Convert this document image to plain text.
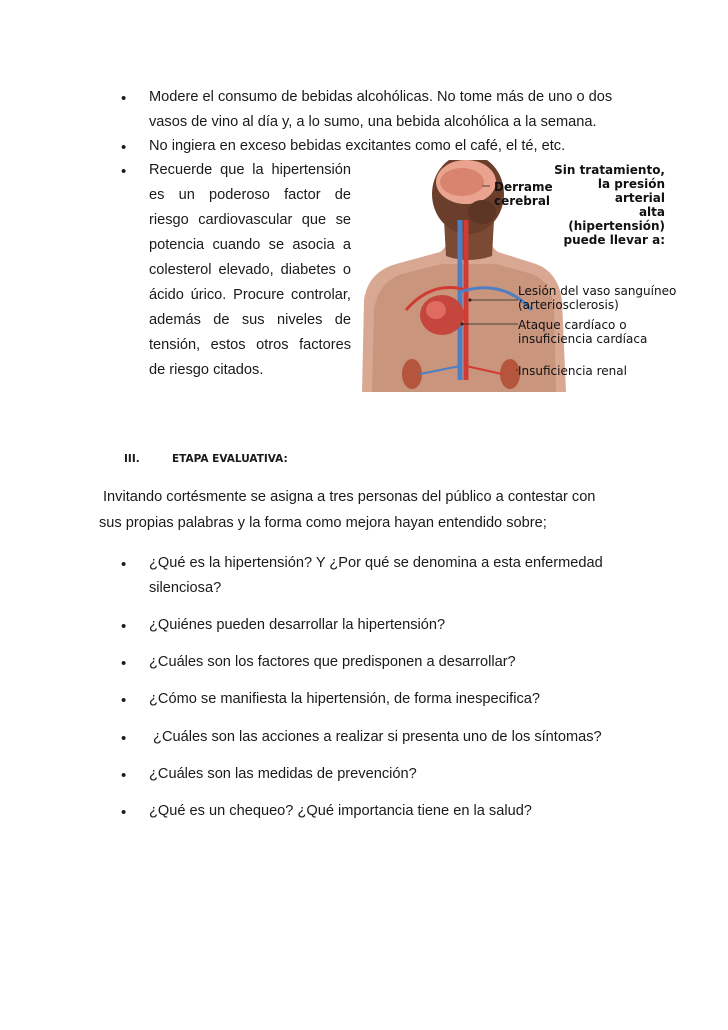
• Modere el consumo de bebidas alcohólicas. No tome más de uno o dos
vasos de vino al día y, a lo sumo, una bebida alcohólica a la semana.
• No ingiera en exceso bebidas excitantes como el café, el té, etc.
• Recuerde que la hipertensión
es un poderoso factor de
riesgo cardiovascular que se
potencia cuando se asocia a
colesterol elevado, diabetes o
ácido úrico. Procure controlar,
además de sus niveles de
tensión, estos otros factores
de riesgo citados.
Sin tratamiento,
la presión arterial
alta (hipertensión)
puede llevar a:
Derrame
cerebral
Lesión del vaso sanguíneo
(arteriosclerosis)
Ataque cardíaco o
insuficiencia cardíaca
Insuficiencia renal
III.	ETAPA EVALUATIVA:
Invitando cortésmente se asigna a tres personas del público a contestar con
sus propias palabras y la forma como mejora hayan entendido sobre;
• ¿Qué es la hipertensión? Y ¿Por qué se denomina a esta enfermedad
silenciosa?
• ¿Quiénes pueden desarrollar la hipertensión?
• ¿Cuáles son los factores que predisponen a desarrollar?
• ¿Cómo se manifiesta la hipertensión, de forma inespecifica?
• ¿Cuáles son las acciones a realizar si presenta uno de los síntomas?
• ¿Cuáles son las medidas de prevención?
• ¿Qué es un chequeo? ¿Qué importancia tiene en la salud?
